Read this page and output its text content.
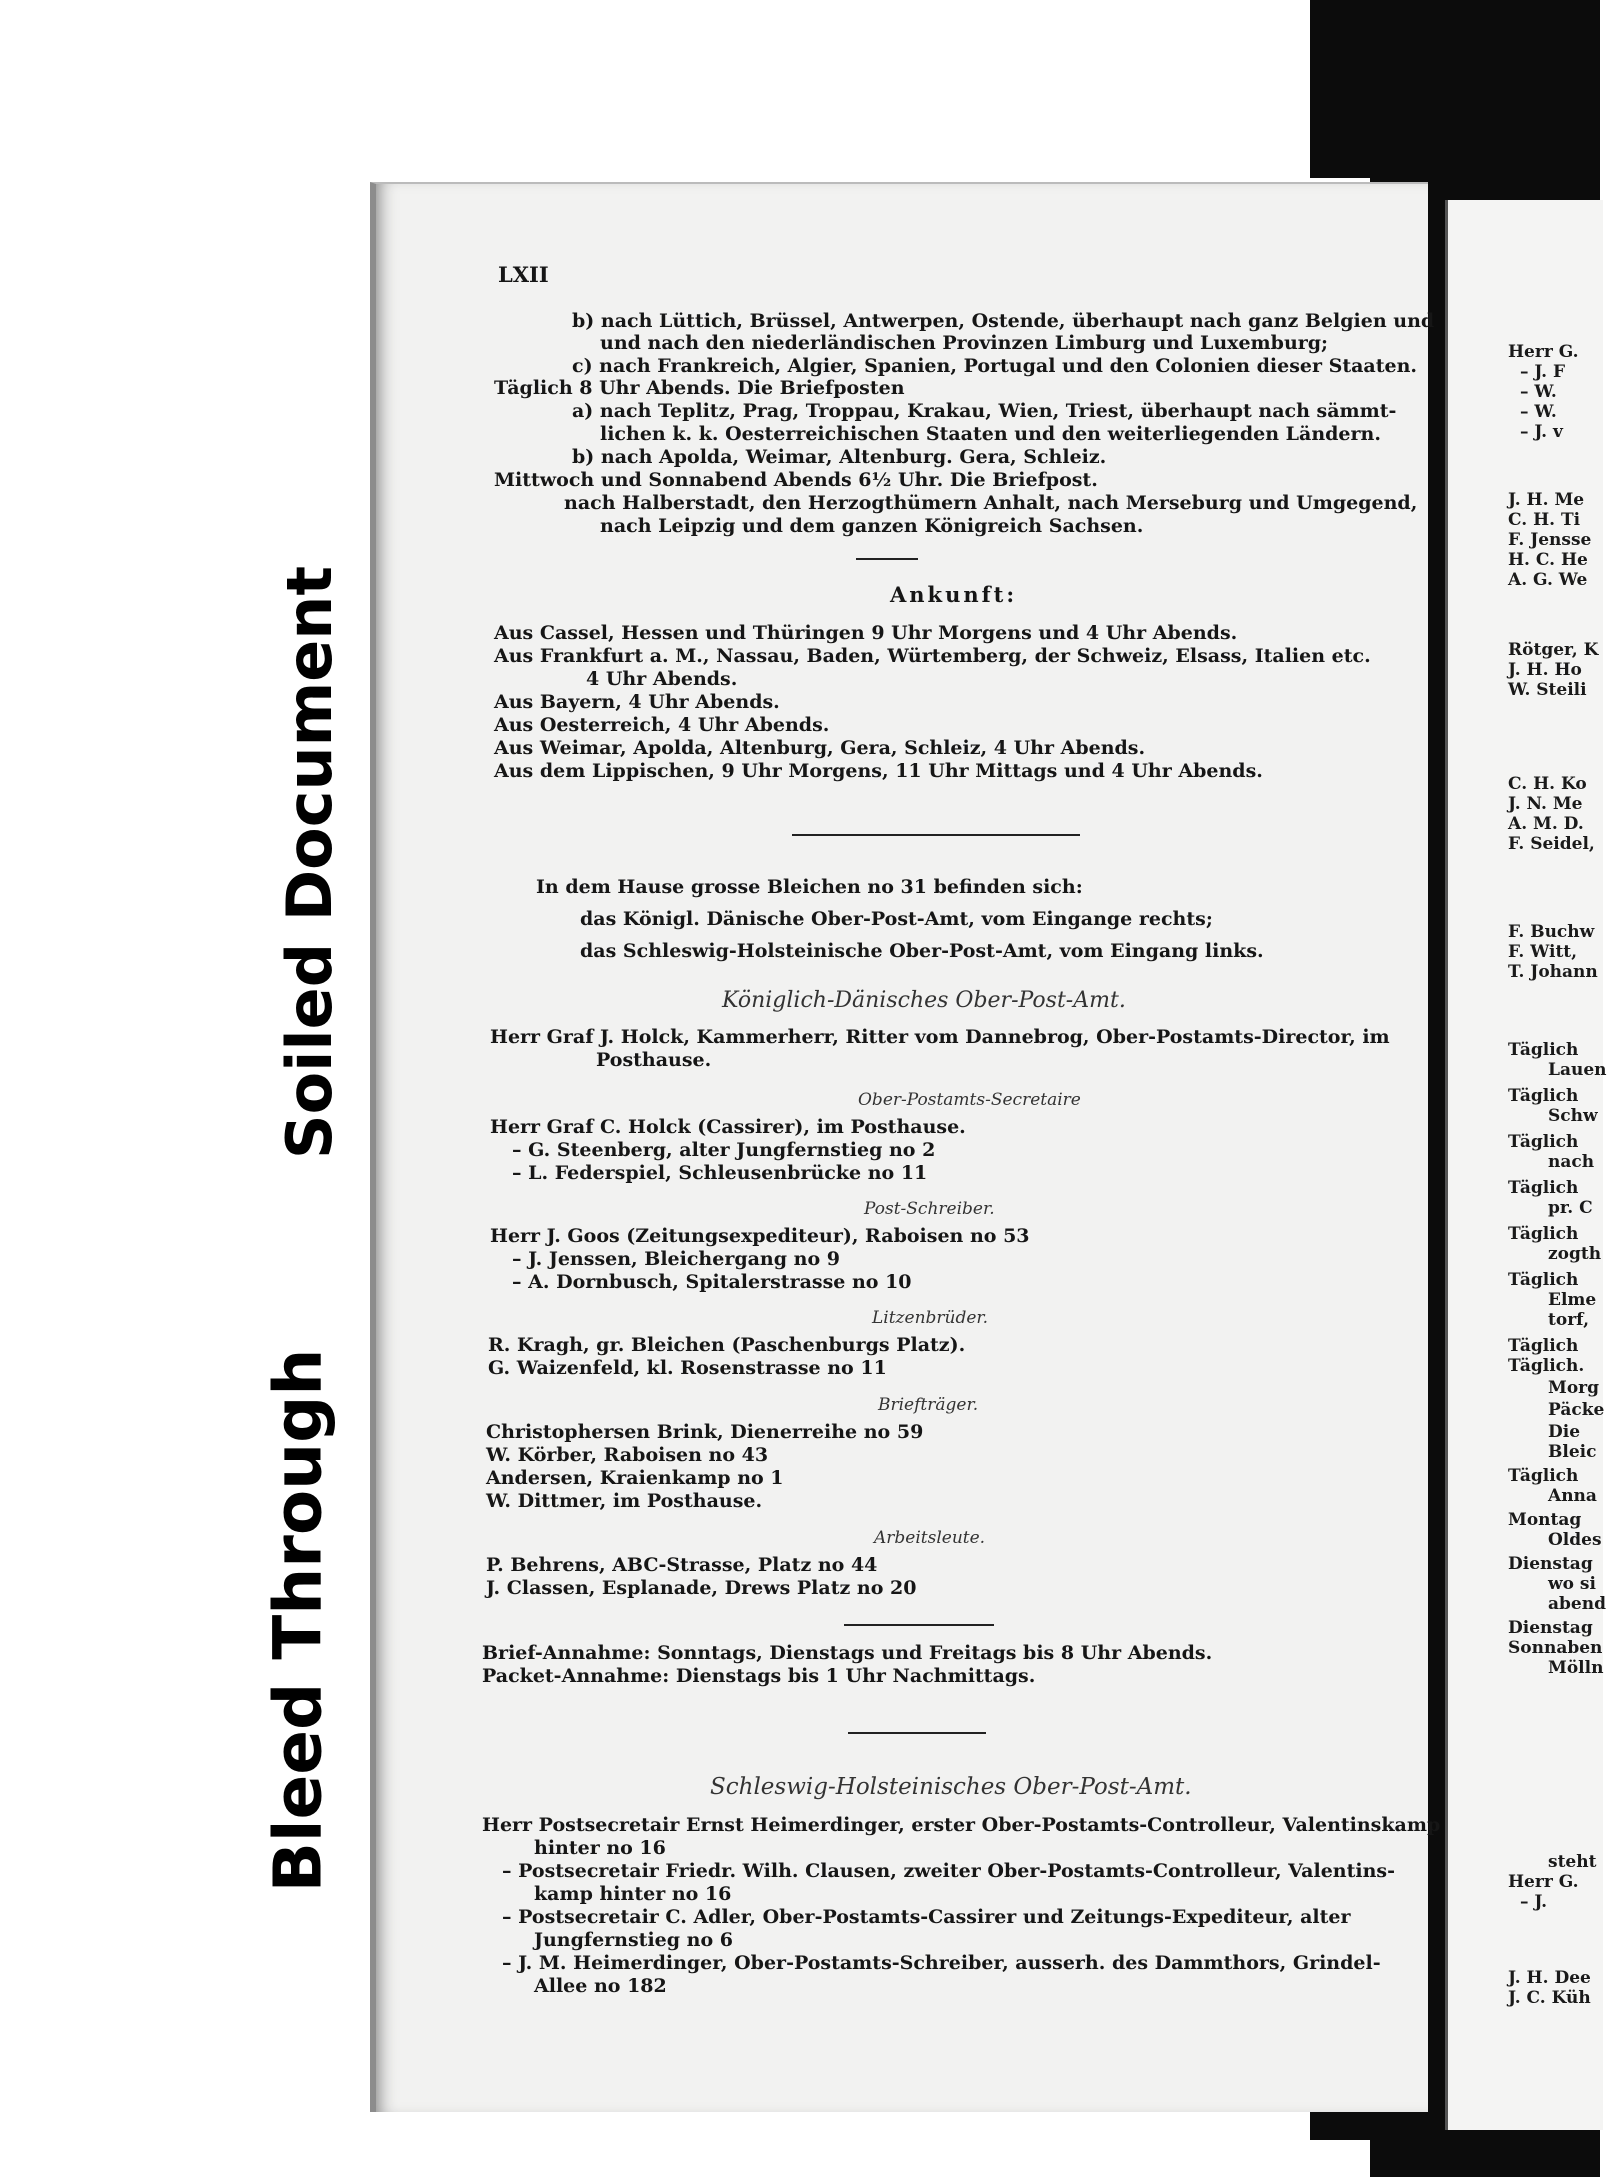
Herr G.
– J. F
– W.
– W.
– J. v
J. H. Me
C. H. Ti
F. Jensse
H. C. He
A. G. We
Rötger, K
J. H. Ho
W. Steili
C. H. Ko
J. N. Me
A. M. D.
F. Seidel,
F. Buchw
F. Witt,
T. Johann
Täglich
Lauen
Täglich
Schw
Täglich
nach
Täglich
pr. C
Täglich
zogth
Täglich
Elme
torf,
Täglich
Täglich.
Morg
Päcke
Die
Bleic
Täglich
Anna
Montag
Oldes
Dienstag
wo si
abend
Dienstag
Sonnaben
Mölln
steht
Herr G.
– J.
J. H. Dee
J. C. Küh
LXII
b) nach Lüttich, Brüssel, Antwerpen, Ostende, überhaupt nach ganz Belgien und
und nach den niederländischen Provinzen Limburg und Luxemburg;
c) nach Frankreich, Algier, Spanien, Portugal und den Colonien dieser Staaten.
Täglich 8 Uhr Abends. Die Briefposten
a) nach Teplitz, Prag, Troppau, Krakau, Wien, Triest, überhaupt nach sämmt-
lichen k. k. Oesterreichischen Staaten und den weiterliegenden Ländern.
b) nach Apolda, Weimar, Altenburg. Gera, Schleiz.
Mittwoch und Sonnabend Abends 6½ Uhr. Die Briefpost.
nach Halberstadt, den Herzogthümern Anhalt, nach Merseburg und Umgegend,
nach Leipzig und dem ganzen Königreich Sachsen.
Ankunft:
Aus Cassel, Hessen und Thüringen 9 Uhr Morgens und 4 Uhr Abends.
Aus Frankfurt a. M., Nassau, Baden, Würtemberg, der Schweiz, Elsass, Italien etc.
4 Uhr Abends.
Aus Bayern, 4 Uhr Abends.
Aus Oesterreich, 4 Uhr Abends.
Aus Weimar, Apolda, Altenburg, Gera, Schleiz, 4 Uhr Abends.
Aus dem Lippischen, 9 Uhr Morgens, 11 Uhr Mittags und 4 Uhr Abends.
In dem Hause grosse Bleichen no 31 befinden sich:
das Königl. Dänische Ober-Post-Amt, vom Eingange rechts;
das Schleswig-Holsteinische Ober-Post-Amt, vom Eingang links.
Königlich-Dänisches Ober-Post-Amt.
Herr Graf J. Holck, Kammerherr, Ritter vom Dannebrog, Ober-Postamts-Director, im
Posthause.
Ober-Postamts-Secretaire
Herr Graf C. Holck (Cassirer), im Posthause.
– G. Steenberg, alter Jungfernstieg no 2
– L. Federspiel, Schleusenbrücke no 11
Post-Schreiber.
Herr J. Goos (Zeitungsexpediteur), Raboisen no 53
– J. Jenssen, Bleichergang no 9
– A. Dornbusch, Spitalerstrasse no 10
Litzenbrüder.
R. Kragh, gr. Bleichen (Paschenburgs Platz).
G. Waizenfeld, kl. Rosenstrasse no 11
Briefträger.
Christophersen Brink, Dienerreihe no 59
W. Körber, Raboisen no 43
Andersen, Kraienkamp no 1
W. Dittmer, im Posthause.
Arbeitsleute.
P. Behrens, ABC-Strasse, Platz no 44
J. Classen, Esplanade, Drews Platz no 20
Brief-Annahme: Sonntags, Dienstags und Freitags bis 8 Uhr Abends.
Packet-Annahme: Dienstags bis 1 Uhr Nachmittags.
Schleswig-Holsteinisches Ober-Post-Amt.
Herr Postsecretair Ernst Heimerdinger, erster Ober-Postamts-Controlleur, Valentinskamp
hinter no 16
– Postsecretair Friedr. Wilh. Clausen, zweiter Ober-Postamts-Controlleur, Valentins-
kamp hinter no 16
– Postsecretair C. Adler, Ober-Postamts-Cassirer und Zeitungs-Expediteur, alter
Jungfernstieg no 6
– J. M. Heimerdinger, Ober-Postamts-Schreiber, ausserh. des Dammthors, Grindel-
Allee no 182
Soiled Document
Bleed Through
